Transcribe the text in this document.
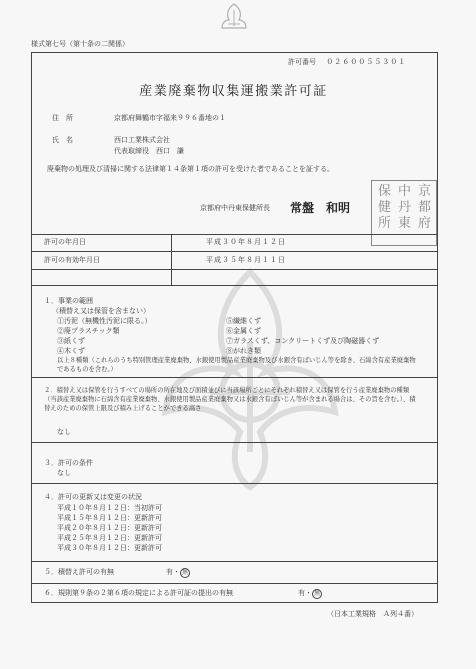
様式第七号（第十条の二関係）
許可番号 ０２６００５５３０１
産業廃棄物収集運搬業許可証
住　所	京都府舞鶴市字福来９９６番地の１
氏　名	西口工業株式会社
代表取締役　西口　謙
廃棄物の処理及び清掃に関する法律第１４条第１項の許可を受けた者であることを証する。
京都府中丹東保健所長 常盤　和明
京
都
府
中
丹
東
保
健
所
許可の年月日	平成３０年８月１２日
許可の有効年月日	平成３５年８月１１日
１．事業の範囲
（積替え又は保管を含まない）
①汚泥（無機性汚泥に限る。）	⑤繊維くず
②廃プラスチック類	⑥金属くず
③紙くず	⑦ガラスくず、コンクリートくず及び陶磁器くず
④木くず	⑧がれき類
以上８種類（これらのうち特別管理産業廃棄物、水銀使用製品産業廃棄物及び水銀含有ばいじん等を除き、石綿含有産業廃棄物であるものを含む。）
２．積替え又は保管を行うすべての場所の所在地及び面積並びに当該場所ごとにそれぞれ積替え又は保管を行う産業廃棄物の種類（当該産業廃棄物に石綿含有産業廃棄物、水銀使用製品産業廃棄物又は水銀含有ばいじん等が含まれる場合は、その旨を含む。）、積替えのための保管上限及び積み上げることができる高さ
なし
３．許可の条件
なし
４．許可の更新又は変更の状況
平成１０年８月１２日：当初許可
平成１５年８月１２日：更新許可
平成２０年８月１２日：更新許可
平成２５年８月１２日：更新許可
平成３０年８月１２日：更新許可
５．積替え許可の有無	有・ 無
６．規則第９条の２第６項の規定による許可証の提出の有無	有・ 無
（日本工業規格　Ａ列４番）
